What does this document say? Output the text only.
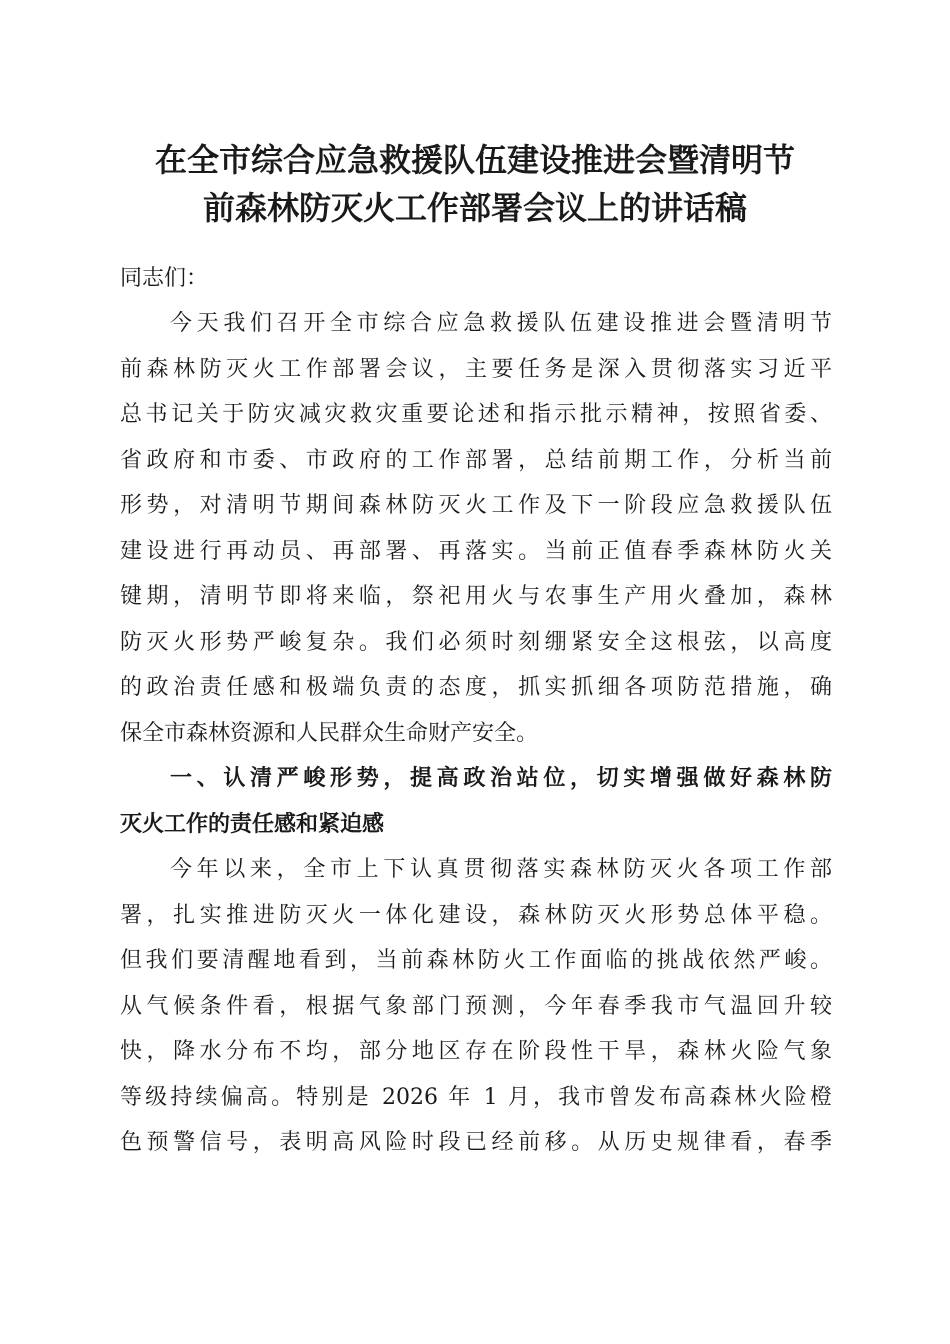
在全市综合应急救援队伍建设推进会暨清明节
前森林防灭火工作部署会议上的讲话稿
同志们：
今天我们召开全市综合应急救援队伍建设推进会暨清明节
前森林防灭火工作部署会议，主要任务是深入贯彻落实习近平
总书记关于防灾减灾救灾重要论述和指示批示精神，按照省委、
省政府和市委、市政府的工作部署，总结前期工作，分析当前
形势，对清明节期间森林防灭火工作及下一阶段应急救援队伍
建设进行再动员、再部署、再落实。当前正值春季森林防火关
键期，清明节即将来临，祭祀用火与农事生产用火叠加，森林
防灭火形势严峻复杂。我们必须时刻绷紧安全这根弦，以高度
的政治责任感和极端负责的态度，抓实抓细各项防范措施，确
保全市森林资源和人民群众生命财产安全。
一、认清严峻形势，提高政治站位，切实增强做好森林防
灭火工作的责任感和紧迫感
今年以来，全市上下认真贯彻落实森林防灭火各项工作部
署，扎实推进防灭火一体化建设，森林防灭火形势总体平稳。
但我们要清醒地看到，当前森林防火工作面临的挑战依然严峻。
从气候条件看，根据气象部门预测，今年春季我市气温回升较
快，降水分布不均，部分地区存在阶段性干旱，森林火险气象
等级持续偏高。特别是 2026 年 1 月，我市曾发布高森林火险橙
色预警信号，表明高风险时段已经前移。从历史规律看，春季
